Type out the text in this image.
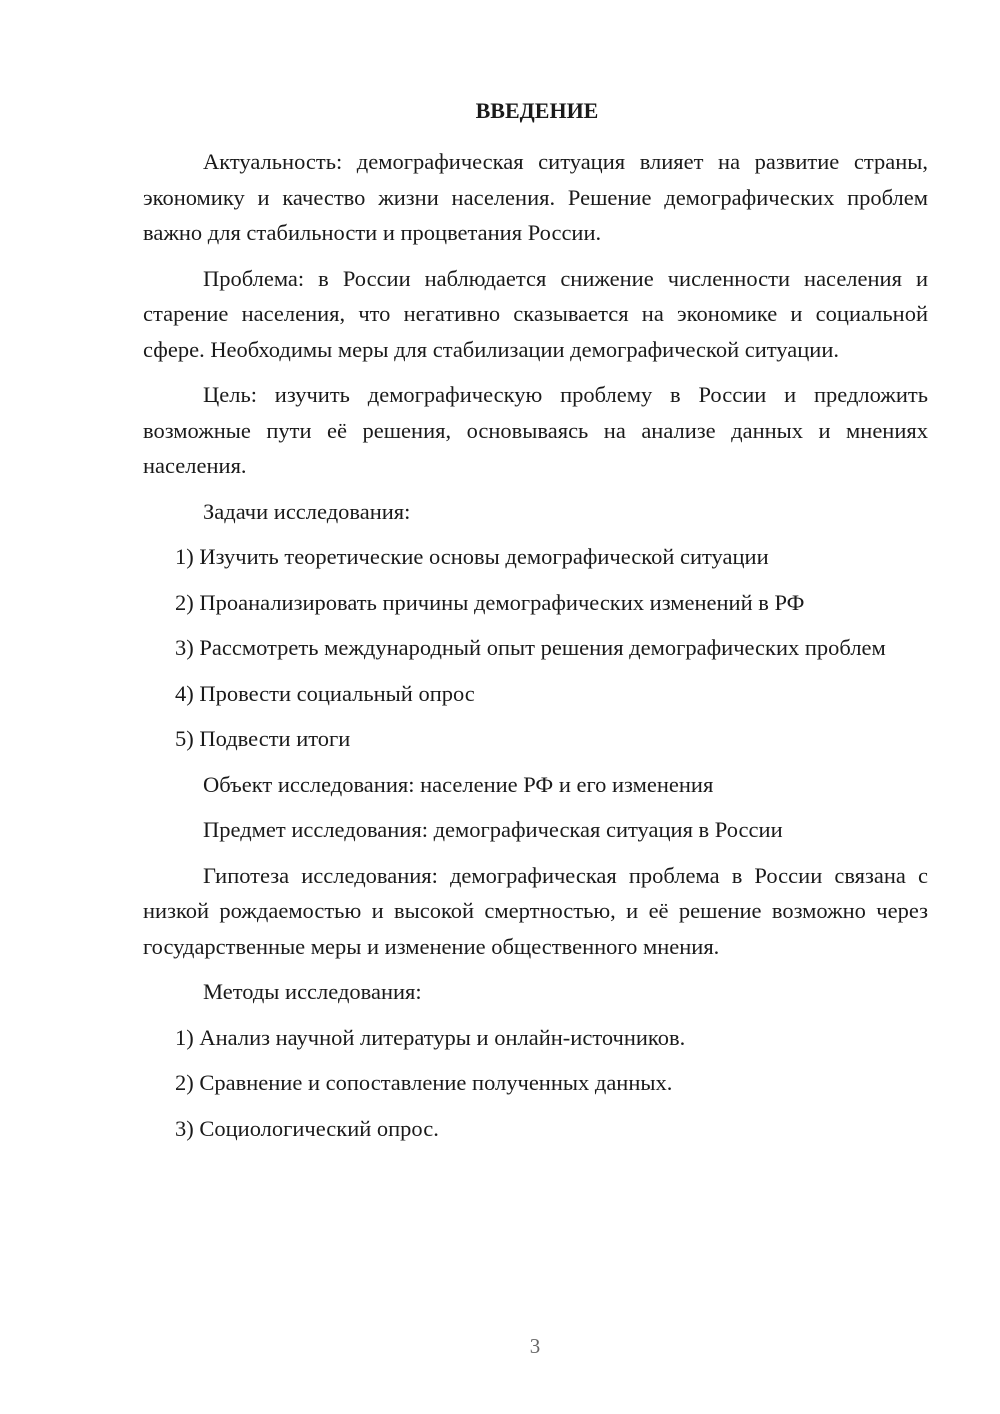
ВВЕДЕНИЕ

Актуальность: демографическая ситуация влияет на развитие страны, экономику и качество жизни населения. Решение демографических проблем важно для стабильности и процветания России.

Проблема: в России наблюдается снижение численности населения и старение населения, что негативно сказывается на экономике и социальной сфере. Необходимы меры для стабилизации демографической ситуации.

Цель: изучить демографическую проблему в России и предложить возможные пути её решения, основываясь на анализе данных и мнениях населения.

Задачи исследования:

1) Изучить теоретические основы демографической ситуации

2) Проанализировать причины демографических изменений в РФ

3) Рассмотреть международный опыт решения демографических проблем

4) Провести социальный опрос

5) Подвести итоги

Объект исследования: население РФ и его изменения

Предмет исследования: демографическая ситуация в России

Гипотеза исследования: демографическая проблема в России связана с низкой рождаемостью и высокой смертностью, и её решение возможно через государственные меры и изменение общественного мнения.

Методы исследования:

1) Анализ научной литературы и онлайн-источников.

2) Сравнение и сопоставление полученных данных.

3) Социологический опрос.

3
